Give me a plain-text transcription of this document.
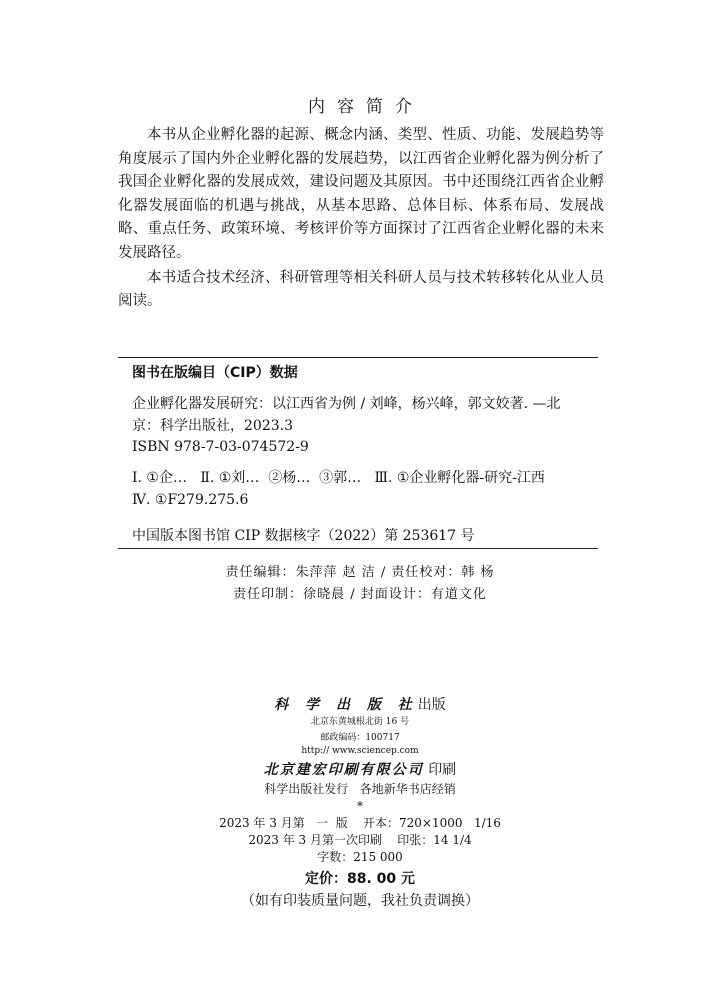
内容简介

本书从企业孵化器的起源、概念内涵、类型、性质、功能、发展趋势等角度展示了国内外企业孵化器的发展趋势，以江西省企业孵化器为例分析了我国企业孵化器的发展成效，建设问题及其原因。书中还围绕江西省企业孵化器发展面临的机遇与挑战，从基本思路、总体目标、体系布局、发展战略、重点任务、政策环境、考核评价等方面探讨了江西省企业孵化器的未来发展路径。

本书适合技术经济、科研管理等相关科研人员与技术转移转化从业人员阅读。

图书在版编目（CIP）数据
企业孵化器发展研究：以江西省为例 / 刘峰，杨兴峰，郭文姣著. —北
京：科学出版社，2023.3
ISBN 978-7-03-074572-9
Ⅰ. ①企…   Ⅱ. ①刘…  ②杨…  ③郭…   Ⅲ. ①企业孵化器-研究-江西
Ⅳ. ①F279.275.6
中国版本图书馆 CIP 数据核字（2022）第 253617 号
责任编辑：朱萍萍 赵 洁 / 责任校对：韩 杨
责任印制：徐晓晨 / 封面设计：有道文化
科 学 出 版 社出版
北京东黄城根北街 16 号
邮政编码：100717
http:// www.sciencep.com
北京建宏印刷有限公司 印刷
科学出版社发行   各地新华书店经销
*
2023 年 3 月第   一  版    开本：720×1000   1/16
2023 年 3 月第一次印刷    印张：14 1/4
字数：215 000
定价：88. 00 元
（如有印装质量问题，我社负责调换）
